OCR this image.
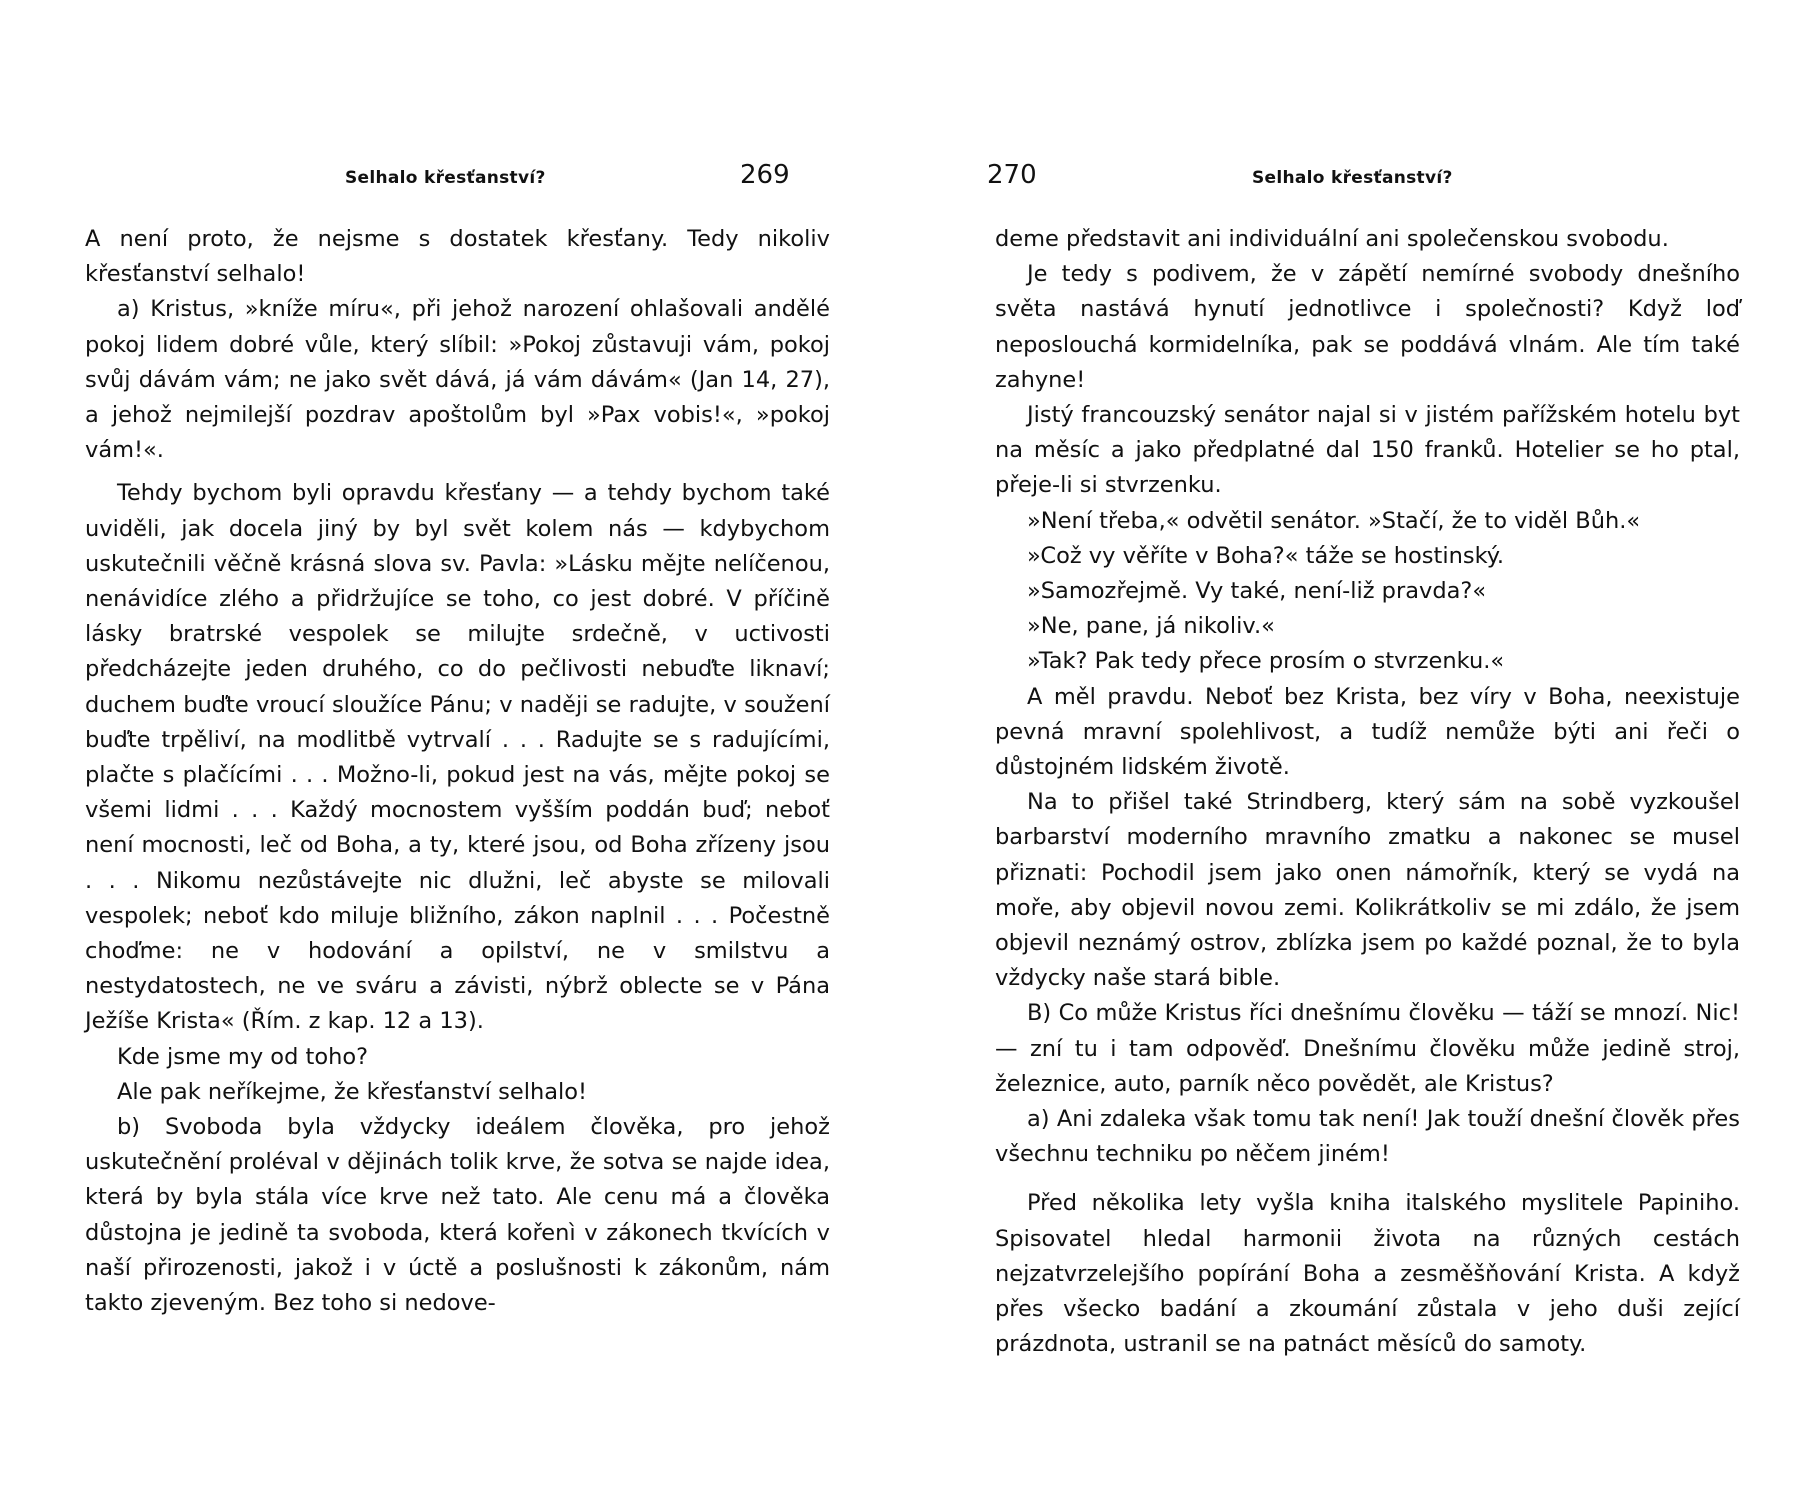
Selhalo křesťanství?	269

A není proto, že nejsme s dostatek křesťany. Tedy nikoliv křesťanství selhalo!

a) Kristus, »kníže míru«, při jehož narození ohlašovali andělé pokoj lidem dobré vůle, který slíbil: »Pokoj zůstavuji vám, pokoj svůj dávám vám; ne jako svět dává, já vám dávám« (Jan 14, 27), a jehož nejmilejší pozdrav apoštolům byl »Pax vobis!«, »pokoj vám!«.

Tehdy bychom byli opravdu křesťany — a tehdy bychom také uviděli, jak docela jiný by byl svět kolem nás — kdybychom uskutečnili věčně krásná slova sv. Pavla: »Lásku mějte nelíčenou, nenávidíce zlého a přidržujíce se toho, co jest dobré. V příčině lásky bratrské vespolek se milujte srdečně, v uctivosti předcházejte jeden druhého, co do pečlivosti nebuďte liknaví; duchem buďte vroucí sloužíce Pánu; v naději se radujte, v soužení buďte trpěliví, na modlitbě vytrvalí . . . Radujte se s radujícími, plačte s plačícími . . . Možno-li, pokud jest na vás, mějte pokoj se všemi lidmi . . . Každý mocnostem vyšším poddán buď; neboť není mocnosti, leč od Boha, a ty, které jsou, od Boha zřízeny jsou . . . Nikomu nezůstávejte nic dlužni, leč abyste se milovali vespolek; neboť kdo miluje bližního, zákon naplnil . . . Počestně choďme: ne v hodování a opilství, ne v smilstvu a nestydatostech, ne ve sváru a závisti, nýbrž oblecte se v Pána Ježíše Krista« (Řím. z kap. 12 a 13).

Kde jsme my od toho?

Ale pak neříkejme, že křesťanství selhalo!

b) Svoboda byla vždycky ideálem člověka, pro jehož uskutečnění proléval v dějinách tolik krve, že sotva se najde idea, která by byla stála více krve než tato. Ale cenu má a člověka důstojna je jedině ta svoboda, která kořenì v zákonech tkvících v naší přirozenosti, jakož i v úctě a poslušnosti k zákonům, nám takto zjeveným. Bez toho si nedove-

270	Selhalo křesťanství?

deme představit ani individuální ani společenskou svobodu.

Je tedy s podivem, že v zápětí nemírné svobody dnešního světa nastává hynutí jednotlivce i společnosti? Když loď neposlouchá kormidelníka, pak se poddává vlnám. Ale tím také zahyne!

Jistý francouzský senátor najal si v jistém pařížském hotelu byt na měsíc a jako předplatné dal 150 franků. Hotelier se ho ptal, přeje-li si stvrzenku.

»Není třeba,« odvětil senátor. »Stačí, že to viděl Bůh.«

»Což vy věříte v Boha?« táže se hostinský.

»Samozřejmě. Vy také, není-liž pravda?«

»Ne, pane, já nikoliv.«

»Tak? Pak tedy přece prosím o stvrzenku.«

A měl pravdu. Neboť bez Krista, bez víry v Boha, neexistuje pevná mravní spolehlivost, a tudíž nemůže býti ani řeči o důstojném lidském životě.

Na to přišel také Strindberg, který sám na sobě vyzkoušel barbarství moderního mravního zmatku a nakonec se musel přiznati: Pochodil jsem jako onen námořník, který se vydá na moře, aby objevil novou zemi. Kolikrátkoliv se mi zdálo, že jsem objevil neznámý ostrov, zblízka jsem po každé poznal, že to byla vždycky naše stará bible.

B) Co může Kristus říci dnešnímu člověku — táží se mnozí. Nic! — zní tu i tam odpověď. Dnešnímu člověku může jedině stroj, železnice, auto, parník něco povědět, ale Kristus?

a) Ani zdaleka však tomu tak není! Jak touží dnešní člověk přes všechnu techniku po něčem jiném!

Před několika lety vyšla kniha italského myslitele Papiniho. Spisovatel hledal harmonii života na různých cestách nejzatvrzelejšího popírání Boha a zesměšňování Krista. A když přes všecko badání a zkoumání zůstala v jeho duši zející prázdnota, ustranil se na patnáct měsíců do samoty.
